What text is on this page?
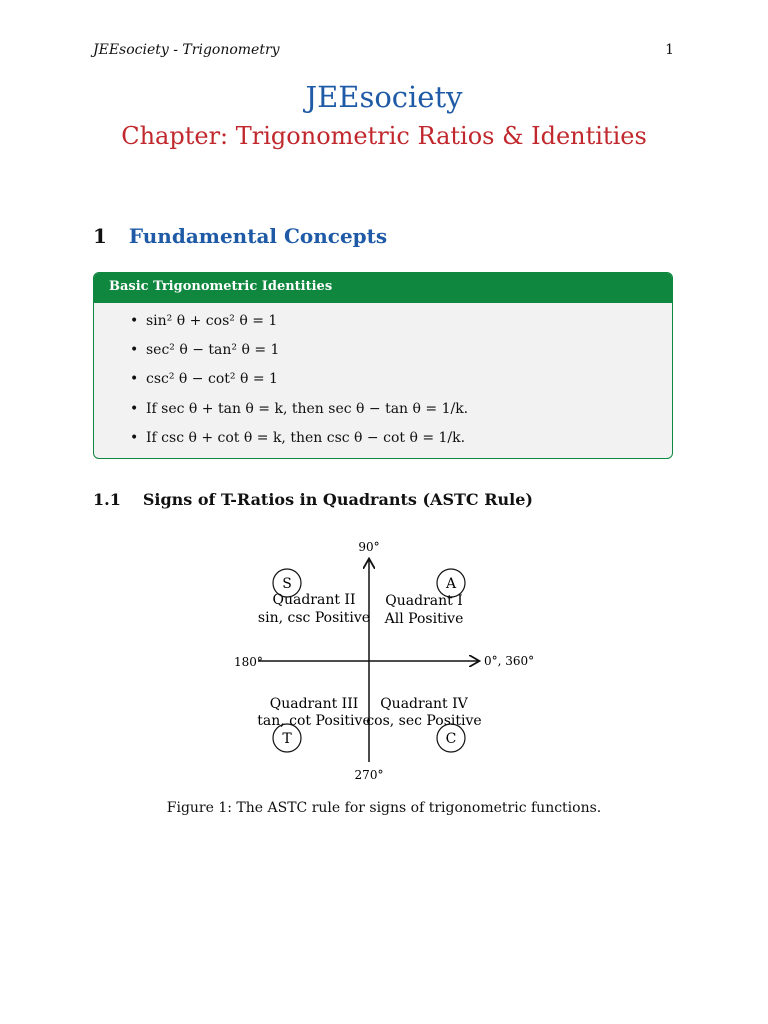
JEEsociety - Trigonometry	1
JEEsociety
Chapter: Trigonometric Ratios & Identities
1 Fundamental Concepts
Basic Trigonometric Identities
• sin² θ + cos² θ = 1
• sec² θ − tan² θ = 1
• csc² θ − cot² θ = 1
• If sec θ + tan θ = k, then sec θ − tan θ = 1/k.
• If csc θ + cot θ = k, then csc θ − cot θ = 1/k.
1.1 Signs of T-Ratios in Quadrants (ASTC Rule)
90°
180°	0°, 360°
270°
Quadrant II
sin, csc Positive
S
Quadrant I
All Positive
A
Quadrant III
tan, cot Positive
T
Quadrant IV
cos, sec Positive
C
Figure 1: The ASTC rule for signs of trigonometric functions.
